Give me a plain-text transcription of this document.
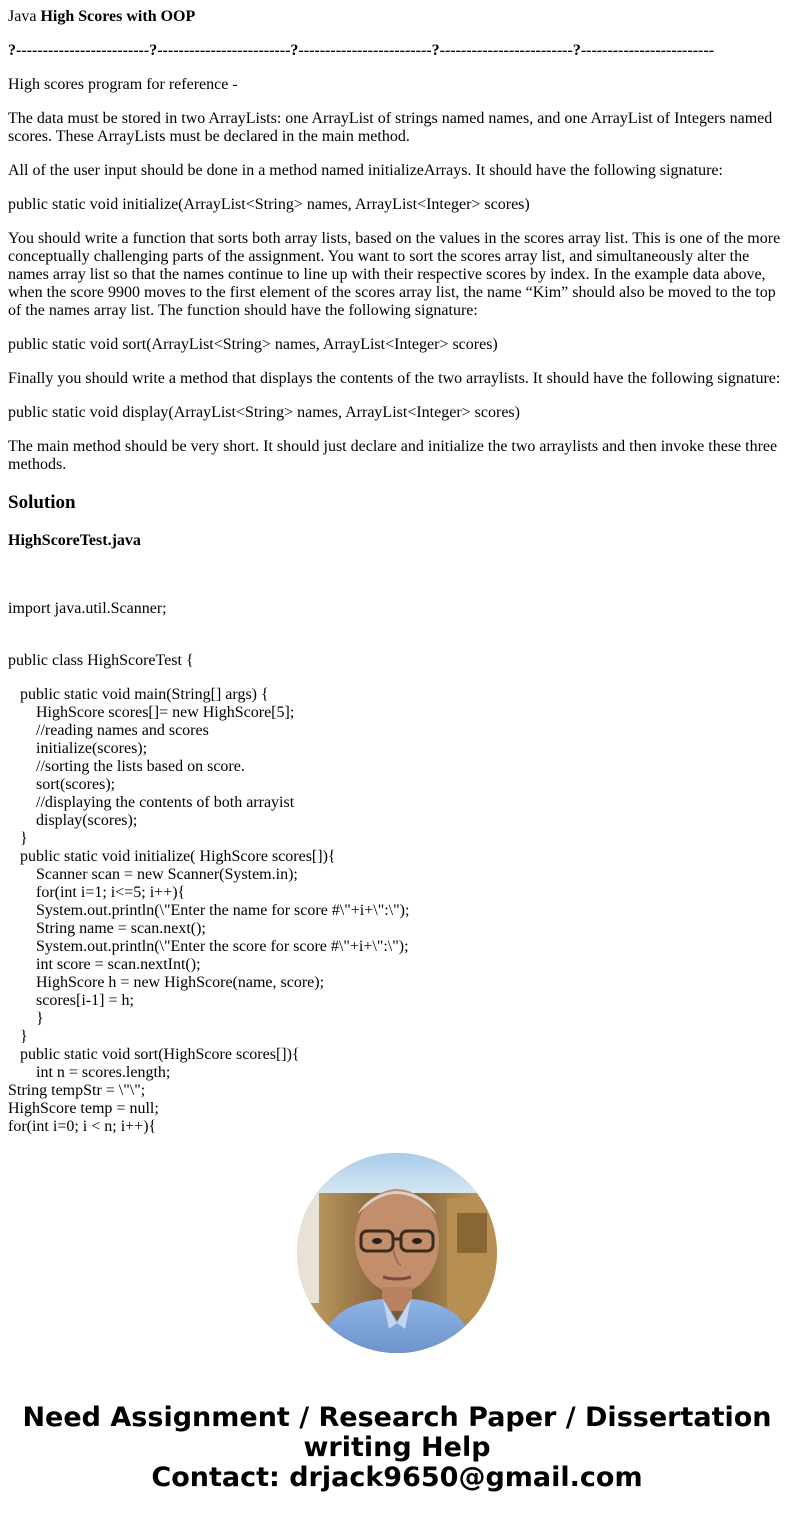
Java High Scores with OOP

?-------------------------?-------------------------?-------------------------?-------------------------?-------------------------

High scores program for reference -

The data must be stored in two ArrayLists: one ArrayList of strings named names, and one ArrayList of Integers named scores. These ArrayLists must be declared in the main method.

All of the user input should be done in a method named initializeArrays. It should have the following signature:

public static void initialize(ArrayList<String> names, ArrayList<Integer> scores)

You should write a function that sorts both array lists, based on the values in the scores array list. This is one of the more conceptually challenging parts of the assignment. You want to sort the scores array list, and simultaneously alter the names array list so that the names continue to line up with their respective scores by index. In the example data above, when the score 9900 moves to the first element of the scores array list, the name “Kim” should also be moved to the top of the names array list. The function should have the following signature:

public static void sort(ArrayList<String> names, ArrayList<Integer> scores)

Finally you should write a method that displays the contents of the two arraylists. It should have the following signature:

public static void display(ArrayList<String> names, ArrayList<Integer> scores)

The main method should be very short. It should just declare and initialize the two arraylists and then invoke these three methods.

Solution
HighScoreTest.java
import java.util.Scanner;
public class HighScoreTest {
public static void main(String[] args) {
HighScore scores[]= new HighScore[5];
//reading names and scores
initialize(scores);
//sorting the lists based on score.
sort(scores);
//displaying the contents of both arrayist
display(scores);
}
public static void initialize( HighScore scores[]){
Scanner scan = new Scanner(System.in);
for(int i=1; i<=5; i++){
System.out.println(\"Enter the name for score #\"+i+\":\");
String name = scan.next();
System.out.println(\"Enter the score for score #\"+i+\":\");
int score = scan.nextInt();
HighScore h = new HighScore(name, score);
scores[i-1] = h;
}
}
public static void sort(HighScore scores[]){
int n = scores.length;
String tempStr = \"\";
HighScore temp = null;
for(int i=0; i < n; i++){
Need Assignment / Research Paper / Dissertation
writing Help
Contact: drjack9650@gmail.com
